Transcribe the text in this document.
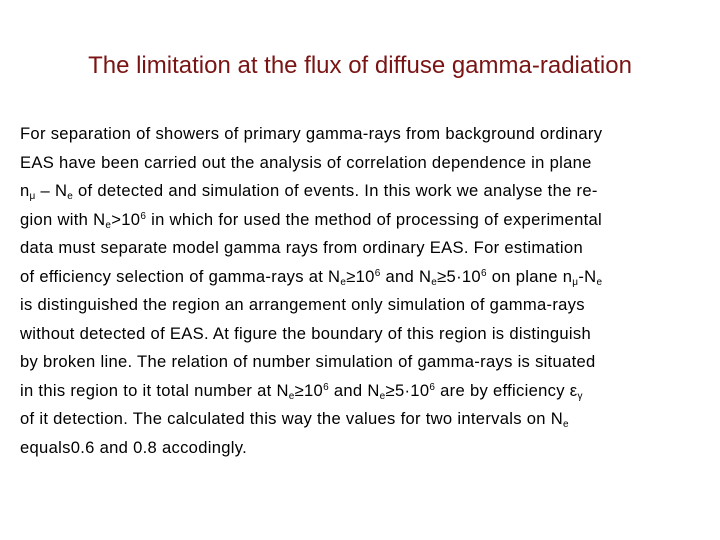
The limitation at the flux of diffuse gamma-radiation
For separation of showers of primary gamma-rays from background ordinary
EAS have been carried out the analysis of correlation dependence in plane
$n_\mu - N_e$ of detected and simulation of events. In this work we analyse the re-
gion with $N_e>10^6$ in which for used the method of processing of experimental
data must separate model gamma rays from ordinary EAS. For estimation
of efficiency selection of gamma-rays at $N_e\ge 10^6$ and $N_e\ge 5\cdot 10^6$ on plane $n_\mu-N_e$
is distinguished the region an arrangement only simulation of gamma-rays
without detected of EAS. At figure the boundary of this region is distinguish
by broken line. The relation of number simulation of gamma-rays is situated
in this region to it total number at $N_e\ge 10^6$ and $N_e\ge 5\cdot 10^6$ are by efficiency $\varepsilon_\gamma$
of it detection. The calculated this way the values for two intervals on $N_e$
equals0.6 and 0.8 accodingly.
